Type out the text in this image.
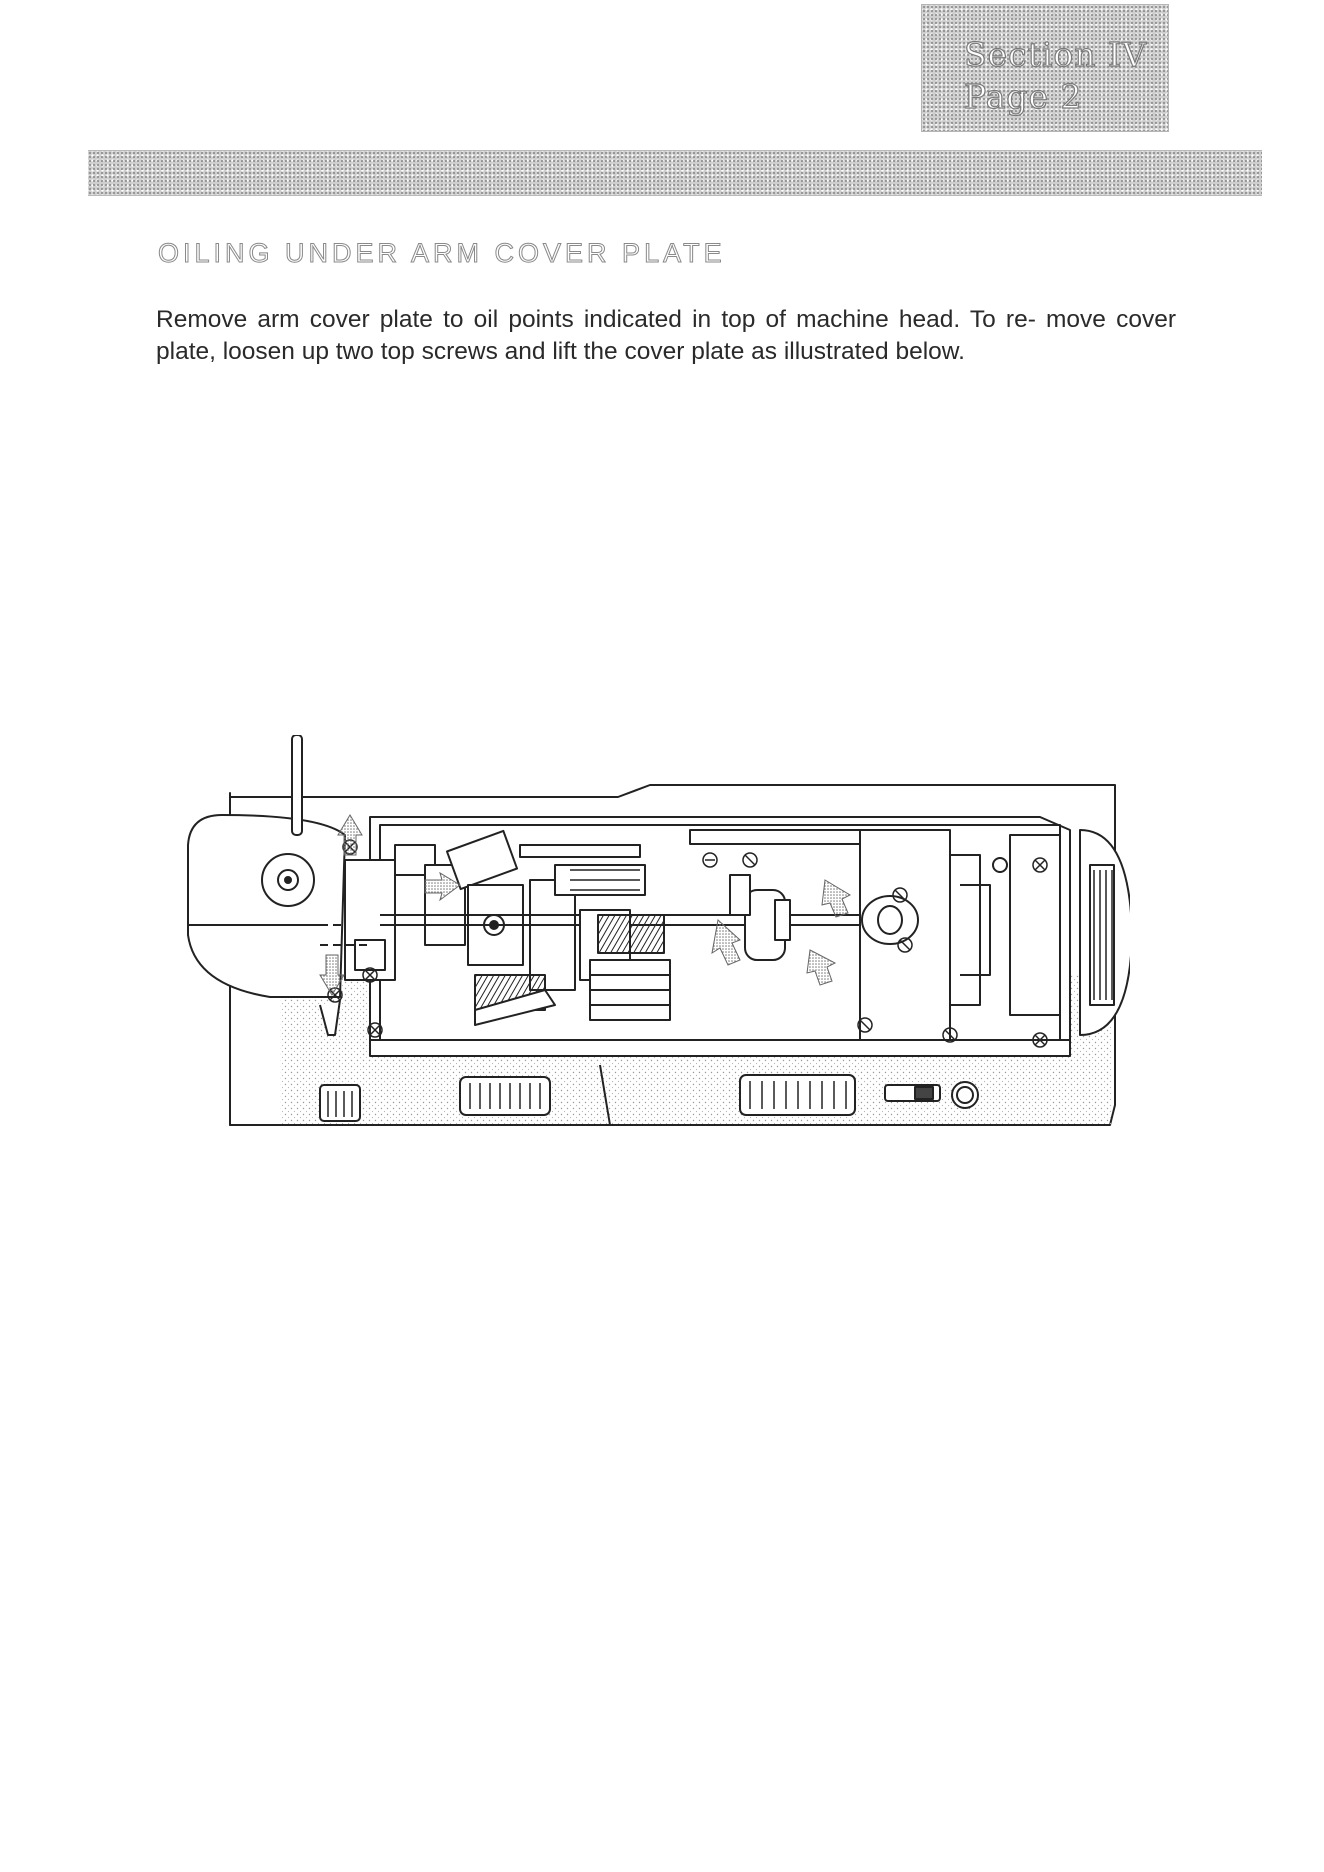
Section IV
Page 2
OILING UNDER ARM COVER PLATE

Remove arm cover plate to oil points indicated in top of machine head. To re- move cover plate, loosen up two top screws and lift the cover plate as illustrated below.
